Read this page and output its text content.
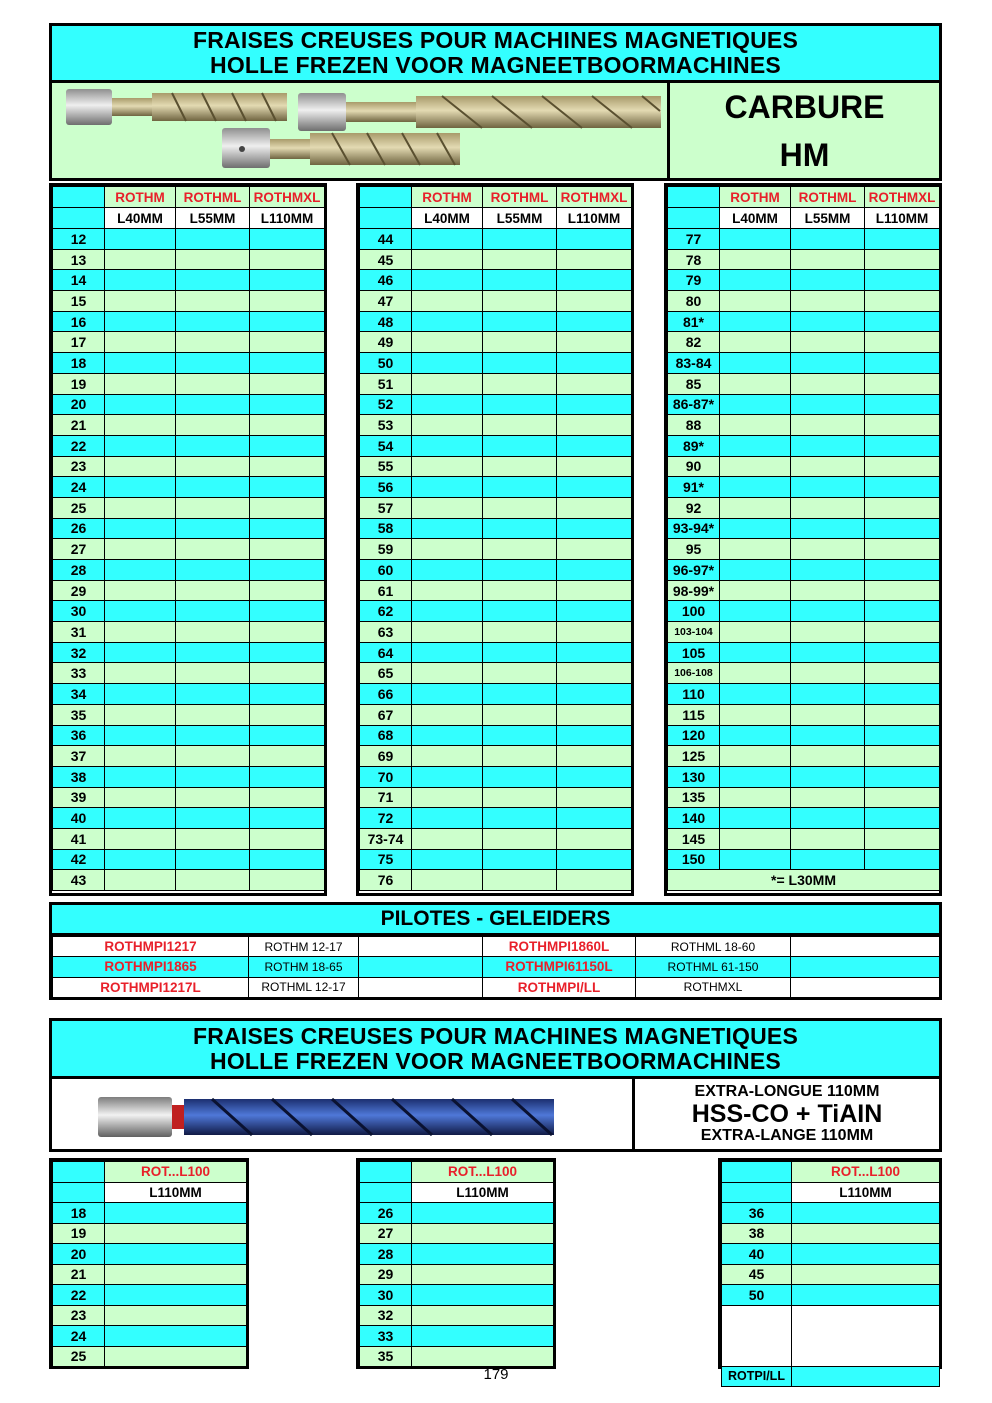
FRAISES CREUSES POUR MACHINES MAGNETIQUES
HOLLE FREZEN VOOR MAGNEETBOORMACHINES
CARBURE
HM
	ROTHM	ROTHML	ROTHMXL
	L40MM	L55MM	L110MM
12			
13			
14			
15			
16			
17			
18			
19			
20			
21			
22			
23			
24			
25			
26			
27			
28			
29			
30			
31			
32			
33			
34			
35			
36			
37			
38			
39			
40			
41			
42			
43			
	ROTHM	ROTHML	ROTHMXL
	L40MM	L55MM	L110MM
44			
45			
46			
47			
48			
49			
50			
51			
52			
53			
54			
55			
56			
57			
58			
59			
60			
61			
62			
63			
64			
65			
66			
67			
68			
69			
70			
71			
72			
73-74			
75			
76			
	ROTHM	ROTHML	ROTHMXL
	L40MM	L55MM	L110MM
77			
78			
79			
80			
81*			
82			
83-84			
85			
86-87*			
88			
89*			
90			
91*			
92			
93-94*			
95			
96-97*			
98-99*			
100			
103-104			
105			
106-108			
110			
115			
120			
125			
130			
135			
140			
145			
150			
*= L30MM			
PILOTES - GELEIDERS
ROTHMPI1217	ROTHM 12-17		ROTHMPI1860L	ROTHML 18-60	
ROTHMPI1865	ROTHM 18-65		ROTHMPI61150L	ROTHML 61-150	
ROTHMPI1217L	ROTHML 12-17		ROTHMPI/LL	ROTHMXL	
FRAISES CREUSES POUR MACHINES MAGNETIQUES
HOLLE FREZEN VOOR MAGNEETBOORMACHINES
EXTRA-LONGUE 110MM
HSS-CO + TiAIN
EXTRA-LANGE 110MM
	ROT...L100
	L110MM
18	
19	
20	
21	
22	
23	
24	
25	
	ROT...L100
	L110MM
26	
27	
28	
29	
30	
32	
33	
35	
	ROT...L100
	L110MM
36	
38	
40	
45	
50	

ROTPI/LL	
179
